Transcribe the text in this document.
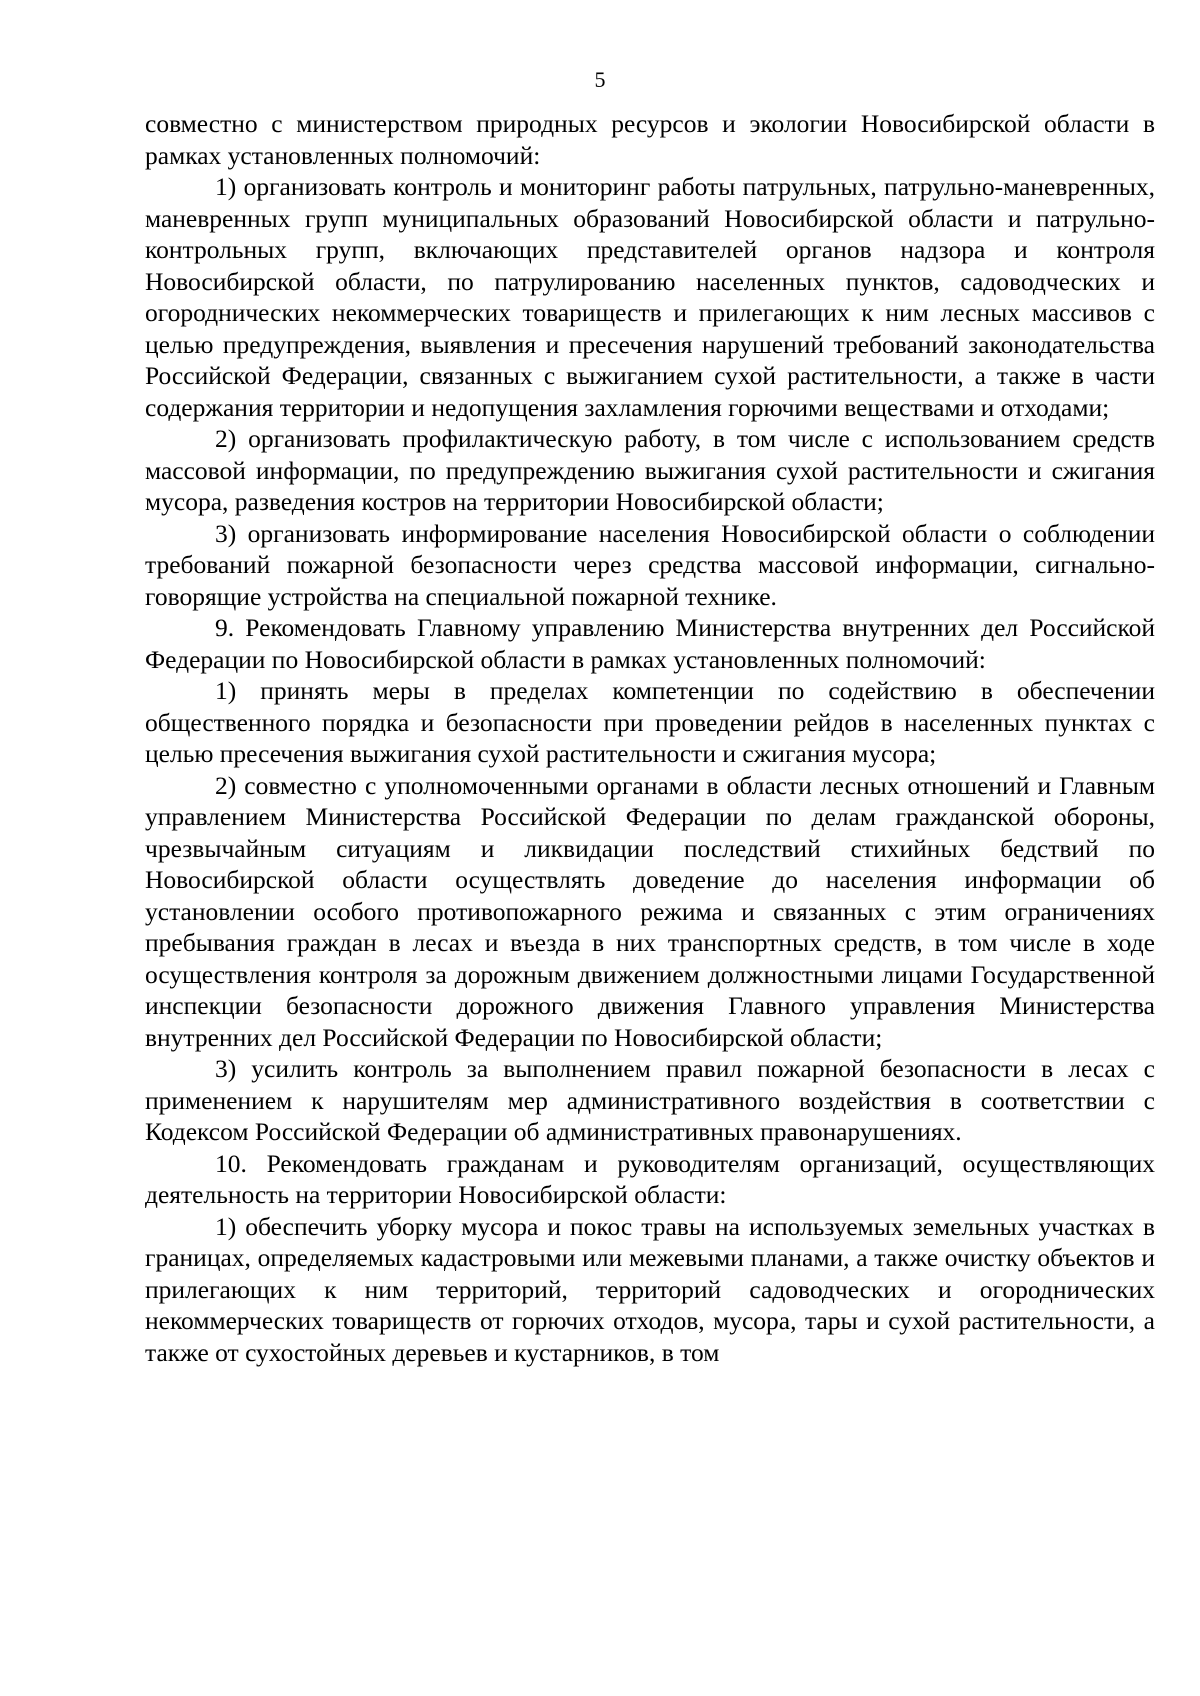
5

совместно с министерством природных ресурсов и экологии Новосибирской области в рамках установленных полномочий:

1) организовать контроль и мониторинг работы патрульных, патрульно-маневренных, маневренных групп муниципальных образований Новосибирской области и патрульно-контрольных групп, включающих представителей органов надзора и контроля Новосибирской области, по патрулированию населенных пунктов, садоводческих и огороднических некоммерческих товариществ и прилегающих к ним лесных массивов с целью предупреждения, выявления и пресечения нарушений требований законодательства Российской Федерации, связанных с выжиганием сухой растительности, а также в части содержания территории и недопущения захламления горючими веществами и отходами;

2) организовать профилактическую работу, в том числе с использованием средств массовой информации, по предупреждению выжигания сухой растительности и сжигания мусора, разведения костров на территории Новосибирской области;

3) организовать информирование населения Новосибирской области о соблюдении требований пожарной безопасности через средства массовой информации, сигнально-говорящие устройства на специальной пожарной технике.

9. Рекомендовать Главному управлению Министерства внутренних дел Российской Федерации по Новосибирской области в рамках установленных полномочий:

1) принять меры в пределах компетенции по содействию в обеспечении общественного порядка и безопасности при проведении рейдов в населенных пунктах с целью пресечения выжигания сухой растительности и сжигания мусора;

2) совместно с уполномоченными органами в области лесных отношений и Главным управлением Министерства Российской Федерации по делам гражданской обороны, чрезвычайным ситуациям и ликвидации последствий стихийных бедствий по Новосибирской области осуществлять доведение до населения информации об установлении особого противопожарного режима и связанных с этим ограничениях пребывания граждан в лесах и въезда в них транспортных средств, в том числе в ходе осуществления контроля за дорожным движением должностными лицами Государственной инспекции безопасности дорожного движения Главного управления Министерства внутренних дел Российской Федерации по Новосибирской области;

3) усилить контроль за выполнением правил пожарной безопасности в лесах с применением к нарушителям мер административного воздействия в соответствии с Кодексом Российской Федерации об административных правонарушениях.

10. Рекомендовать гражданам и руководителям организаций, осуществляющих деятельность на территории Новосибирской области:

1) обеспечить уборку мусора и покос травы на используемых земельных участках в границах, определяемых кадастровыми или межевыми планами, а также очистку объектов и прилегающих к ним территорий, территорий садоводческих и огороднических некоммерческих товариществ от горючих отходов, мусора, тары и сухой растительности, а также от сухостойных деревьев и кустарников, в том
